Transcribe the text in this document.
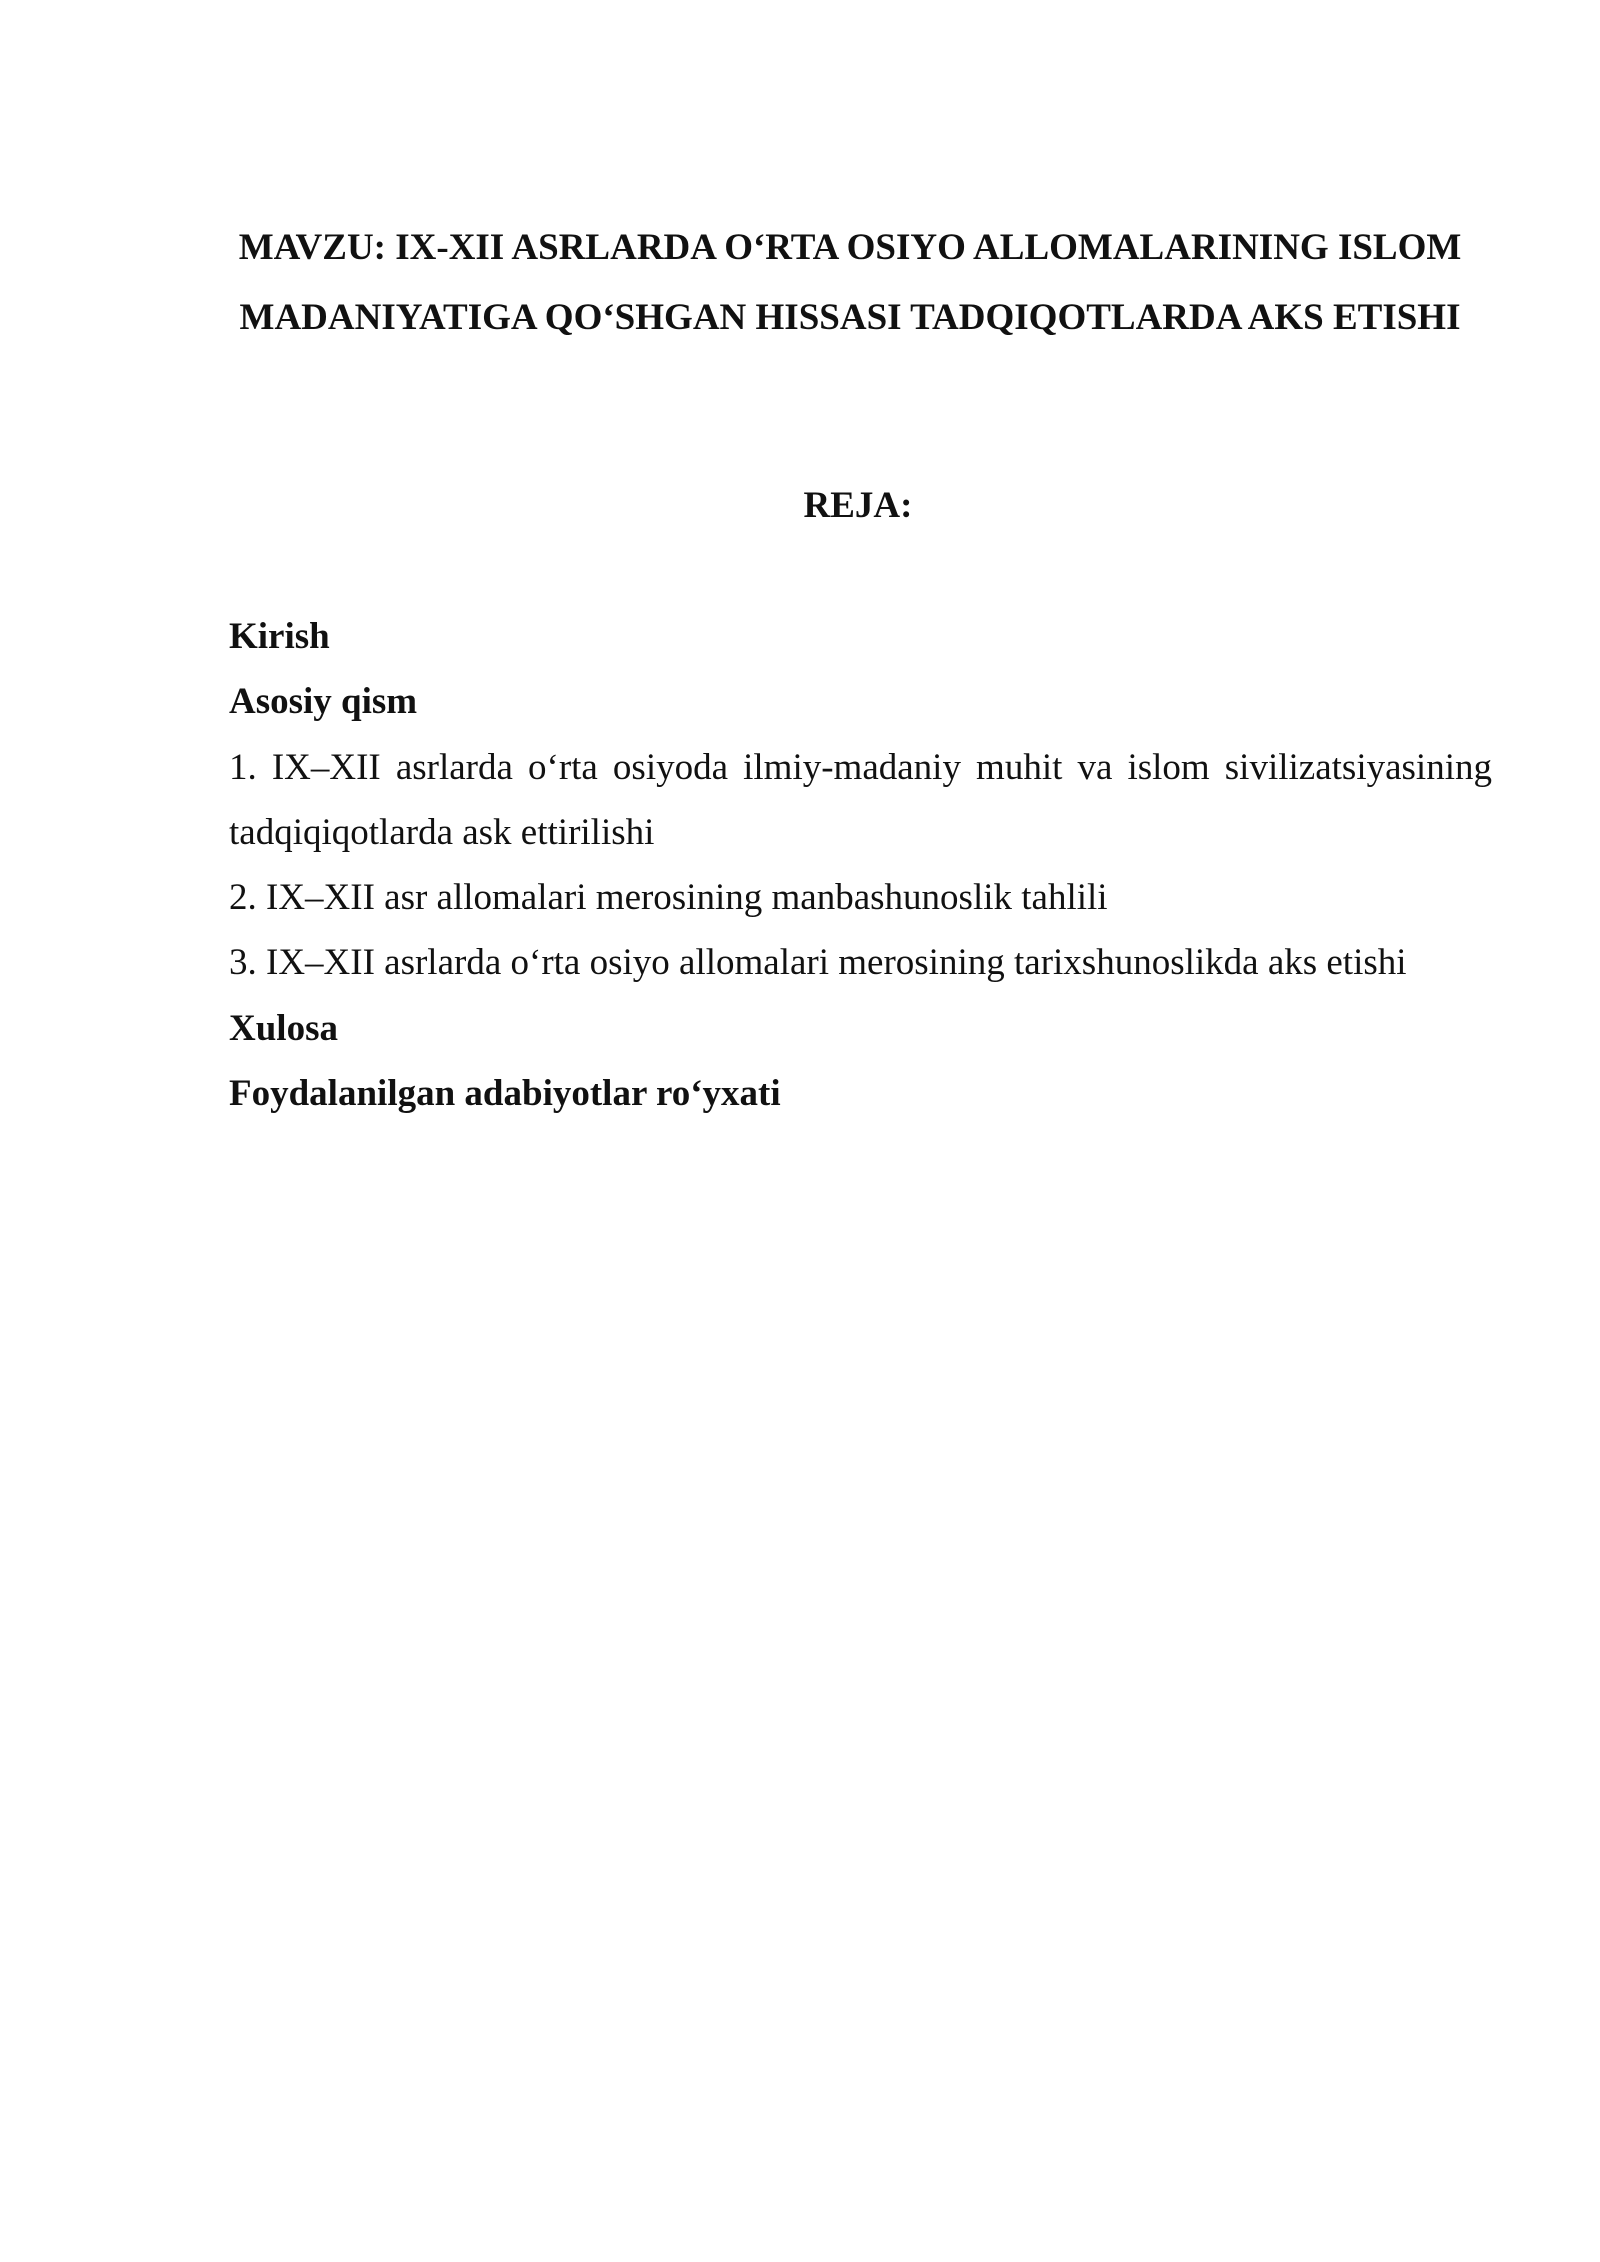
MAVZU: IX-XII ASRLARDA O‘RTA OSIYO ALLOMALARINING ISLOM
MADANIYATIGA QO‘SHGAN HISSASI TADQIQOTLARDA AKS ETISHI
REJA:
Kirish
Asosiy qism
1. IX–XII asrlarda o‘rta osiyoda ilmiy-madaniy muhit va islom sivilizatsiyasining
tadqiqiqotlarda ask ettirilishi
2. IX–XII asr allomalari merosining manbashunoslik tahlili
3. IX–XII asrlarda o‘rta osiyo allomalari merosining tarixshunoslikda aks etishi
Xulosa
Foydalanilgan adabiyotlar ro‘yxati
